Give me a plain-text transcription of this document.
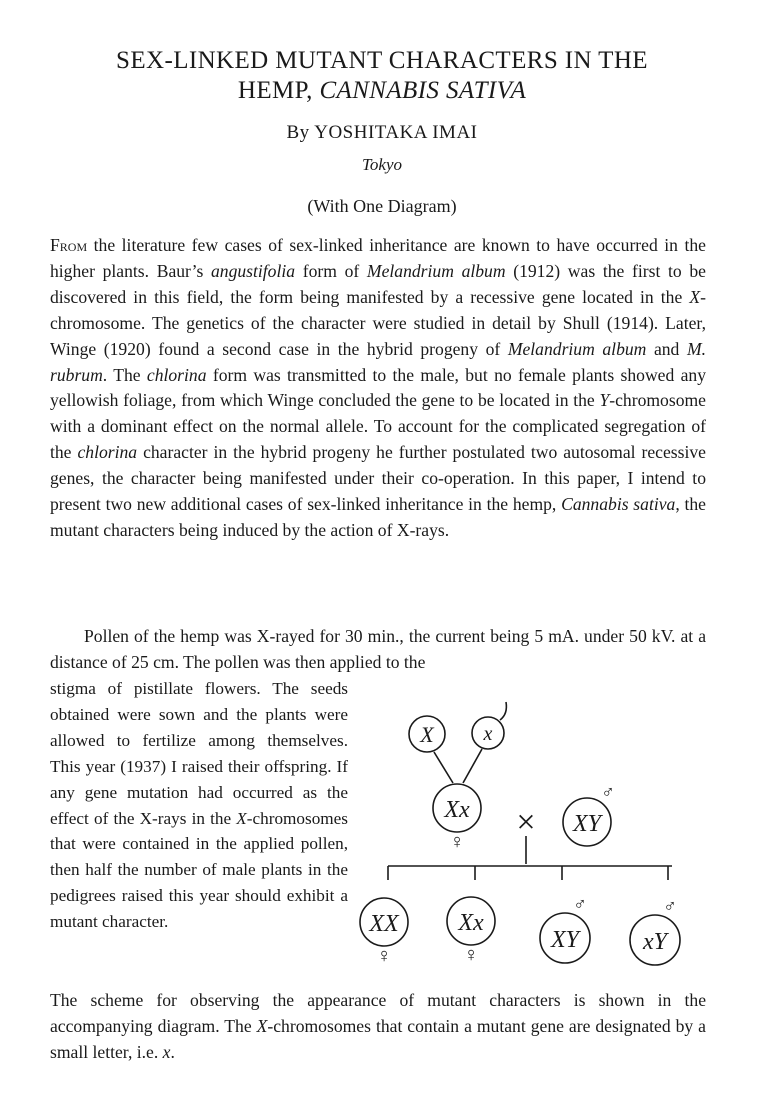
SEX-LINKED MUTANT CHARACTERS IN THE
HEMP, CANNABIS SATIVA
By YOSHITAKA IMAI
Tokyo
(With One Diagram)

From the literature few cases of sex-linked inheritance are known to have occurred in the higher plants. Baur’s angustifolia form of Melandrium album (1912) was the first to be discovered in this field, the form being manifested by a recessive gene located in the X-chromosome. The genetics of the character were studied in detail by Shull (1914). Later, Winge (1920) found a second case in the hybrid progeny of Melandrium album and M. rubrum. The chlorina form was transmitted to the male, but no female plants showed any yellowish foliage, from which Winge concluded the gene to be located in the Y-chromosome with a dominant effect on the normal allele. To account for the complicated segregation of the chlorina character in the hybrid progeny he further postulated two autosomal recessive genes, the character being manifested under their co-operation. In this paper, I intend to present two new additional cases of sex-linked inheritance in the hemp, Cannabis sativa, the mutant characters being induced by the action of X-rays.

Pollen of the hemp was X-rayed for 30 min., the current being 5 mA. under 50 kV. at a distance of 25 cm. The pollen was then applied to the

stigma of pistillate flowers. The seeds obtained were sown and the plants were allowed to fertilize among themselves. This year (1937) I raised their offspring. If any gene mutation had occurred as the effect of the X-rays in the X-chromosomes that were contained in the applied pollen, then half the number of male plants in the pedigrees raised this year should exhibit a mutant character.

The scheme for observing the appearance of mutant characters is shown in the accompanying diagram. The X-chromosomes that contain a mutant gene are designated by a small letter, i.e. x.

X x
Xx
XY
XX Xx
XY	xY
×
♀
♂
♀	♀
♂	♂
